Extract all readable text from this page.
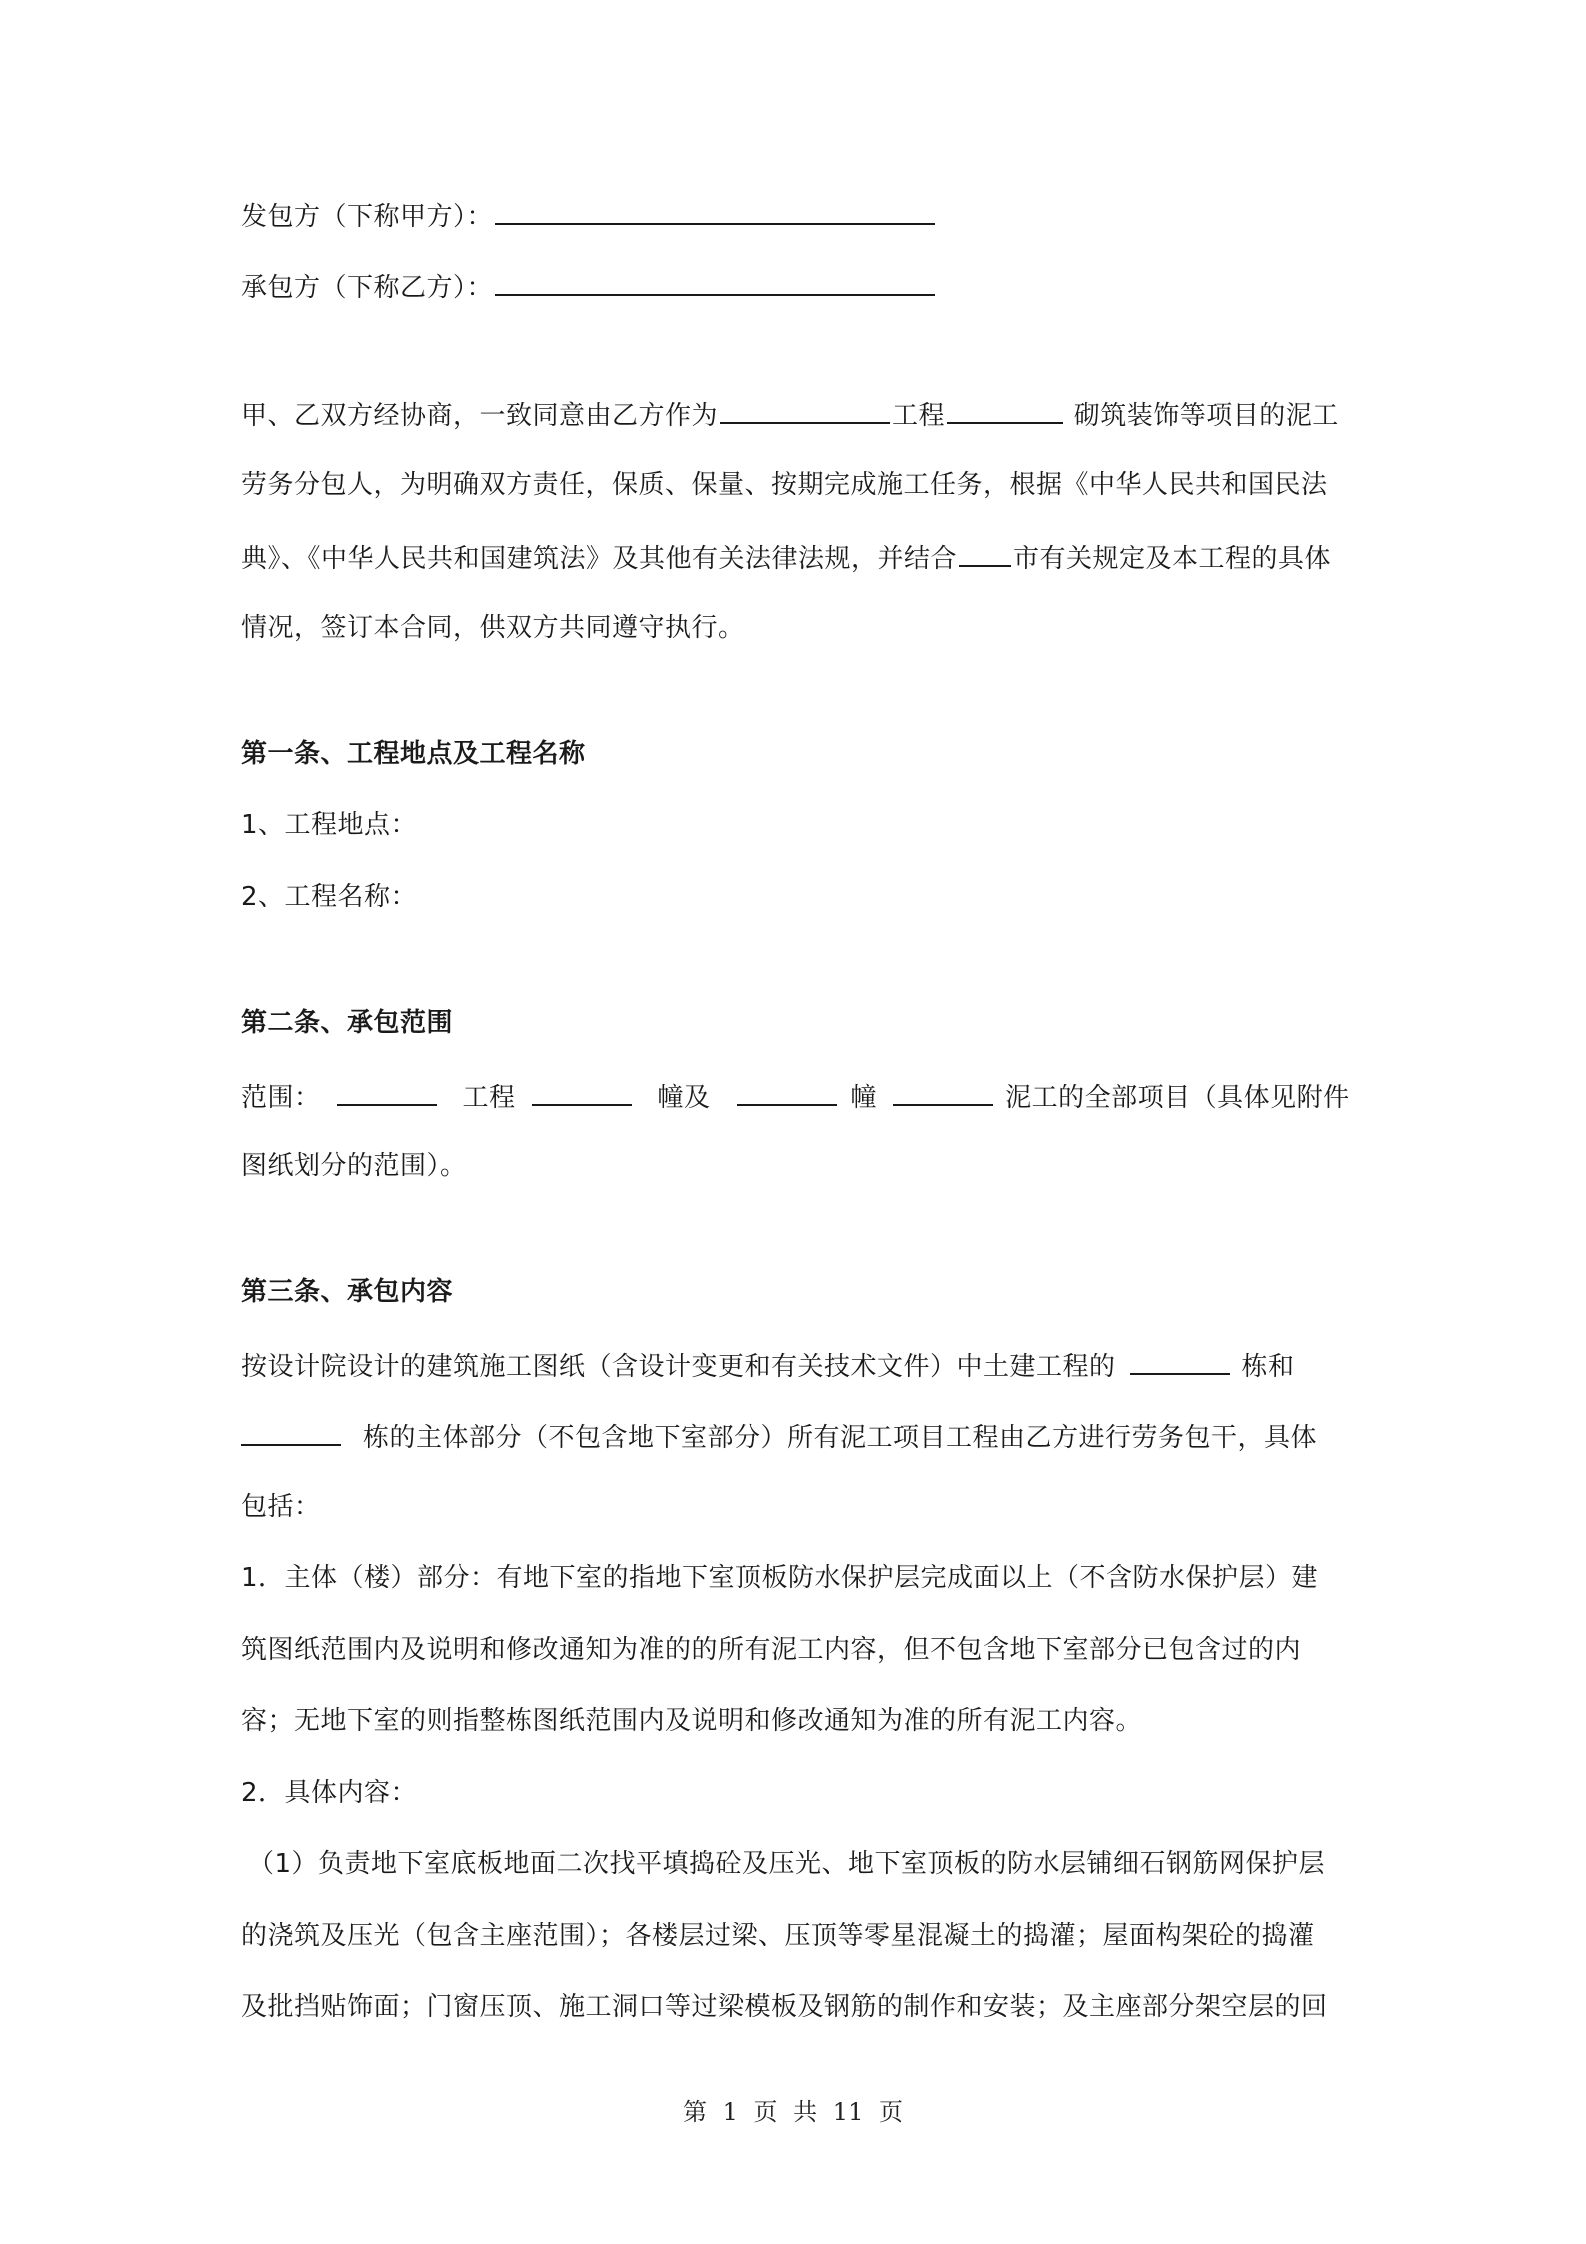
发包方（下称甲方）：
承包方（下称乙方）：
甲、乙双方经协商，一致同意由乙方作为	工程	砌筑装饰等项目的泥工
劳务分包人，为明确双方责任，保质、保量、按期完成施工任务，根据《中华人民共和国民法
典》、《中华人民共和国建筑法》及其他有关法律法规，并结合 市有关规定及本工程的具体
情况，签订本合同，供双方共同遵守执行。
第一条、工程地点及工程名称
1、工程地点：
2、工程名称：
第二条、承包范围
范围：	工程	幢及	幢	泥工的全部项目（具体见附件
图纸划分的范围）。
第三条、承包内容
按设计院设计的建筑施工图纸（含设计变更和有关技术文件）中土建工程的	栋和
栋的主体部分（不包含地下室部分）所有泥工项目工程由乙方进行劳务包干，具体
包括：
1．主体（楼）部分：有地下室的指地下室顶板防水保护层完成面以上（不含防水保护层）建
筑图纸范围内及说明和修改通知为准的的所有泥工内容，但不包含地下室部分已包含过的内
容；无地下室的则指整栋图纸范围内及说明和修改通知为准的所有泥工内容。
2．具体内容：
（1）负责地下室底板地面二次找平填捣砼及压光、地下室顶板的防水层铺细石钢筋网保护层
的浇筑及压光（包含主座范围）；各楼层过梁、压顶等零星混凝土的捣灌；屋面构架砼的捣灌
及批挡贴饰面；门窗压顶、施工洞口等过梁模板及钢筋的制作和安装；及主座部分架空层的回
第 1 页 共 11 页
